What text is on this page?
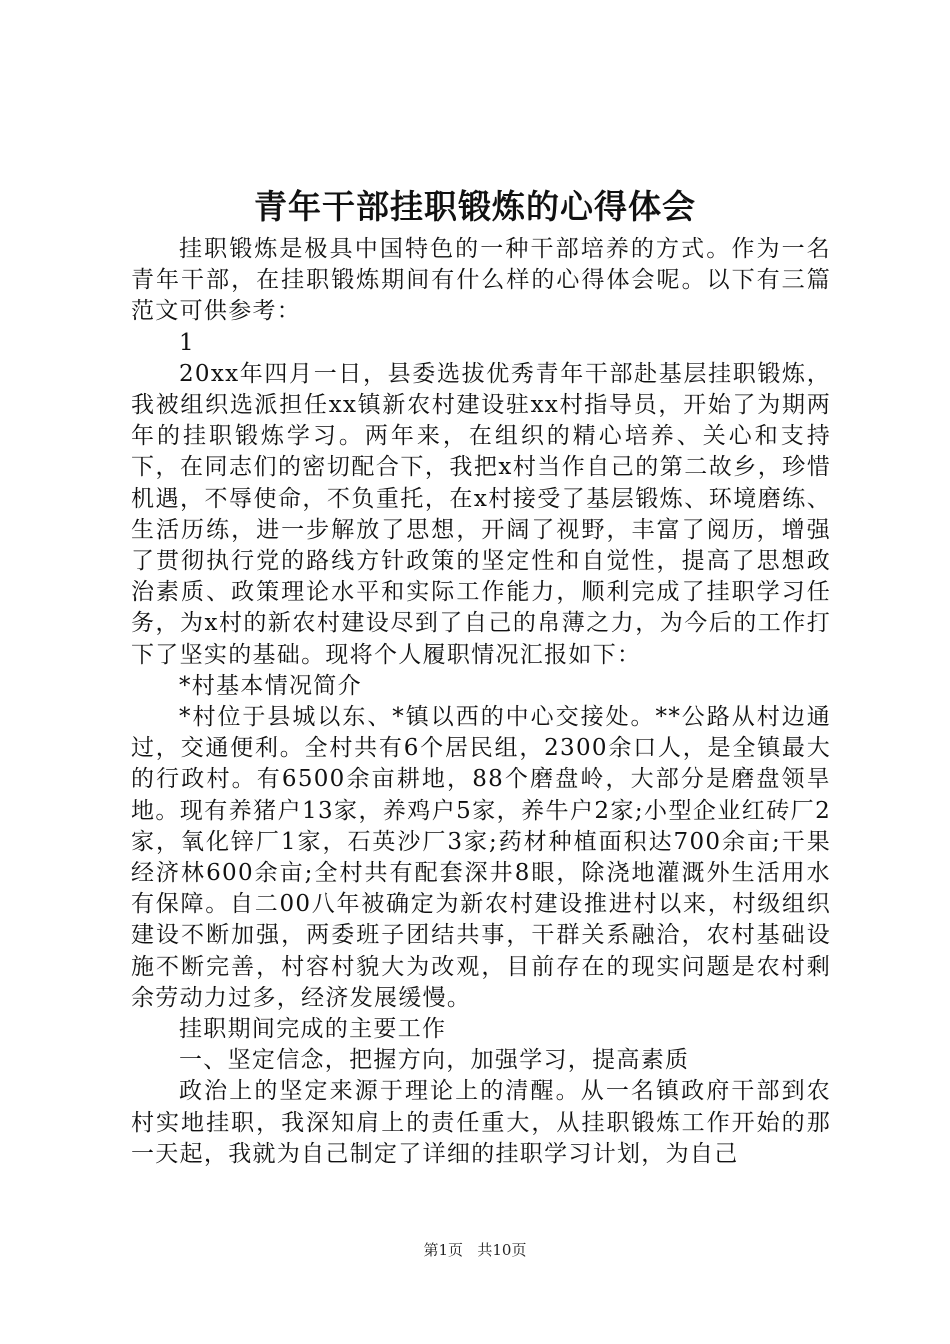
青年干部挂职锻炼的心得体会

挂职锻炼是极具中国特色的一种干部培养的方式。作为一名青年干部，在挂职锻炼期间有什么样的心得体会呢。以下有三篇范文可供参考：

1

20xx年四月一日，县委选拔优秀青年干部赴基层挂职锻炼，我被组织选派担任xx镇新农村建设驻xx村指导员，开始了为期两年的挂职锻炼学习。两年来，在组织的精心培养、关心和支持下，在同志们的密切配合下，我把x村当作自己的第二故乡，珍惜机遇，不辱使命，不负重托，在x村接受了基层锻炼、环境磨练、生活历练，进一步解放了思想，开阔了视野，丰富了阅历，增强了贯彻执行党的路线方针政策的坚定性和自觉性，提高了思想政治素质、政策理论水平和实际工作能力，顺利完成了挂职学习任务，为x村的新农村建设尽到了自己的帛薄之力，为今后的工作打下了坚实的基础。现将个人履职情况汇报如下：

*村基本情况简介

*村位于县城以东、*镇以西的中心交接处。**公路从村边通过，交通便利。全村共有6个居民组，2300余口人，是全镇最大的行政村。有6500余亩耕地，88个磨盘岭，大部分是磨盘领旱地。现有养猪户13家，养鸡户5家，养牛户2家;小型企业红砖厂2家，氧化锌厂1家，石英沙厂3家;药材种植面积达700余亩;干果经济林600余亩;全村共有配套深井8眼，除浇地灌溉外生活用水有保障。自二00八年被确定为新农村建设推进村以来，村级组织建设不断加强，两委班子团结共事，干群关系融洽，农村基础设施不断完善，村容村貌大为改观，目前存在的现实问题是农村剩余劳动力过多，经济发展缓慢。

挂职期间完成的主要工作

一、坚定信念，把握方向，加强学习，提高素质

政治上的坚定来源于理论上的清醒。从一名镇政府干部到农村实地挂职，我深知肩上的责任重大，从挂职锻炼工作开始的那一天起，我就为自己制定了详细的挂职学习计划，为自己

第1页 共10页
